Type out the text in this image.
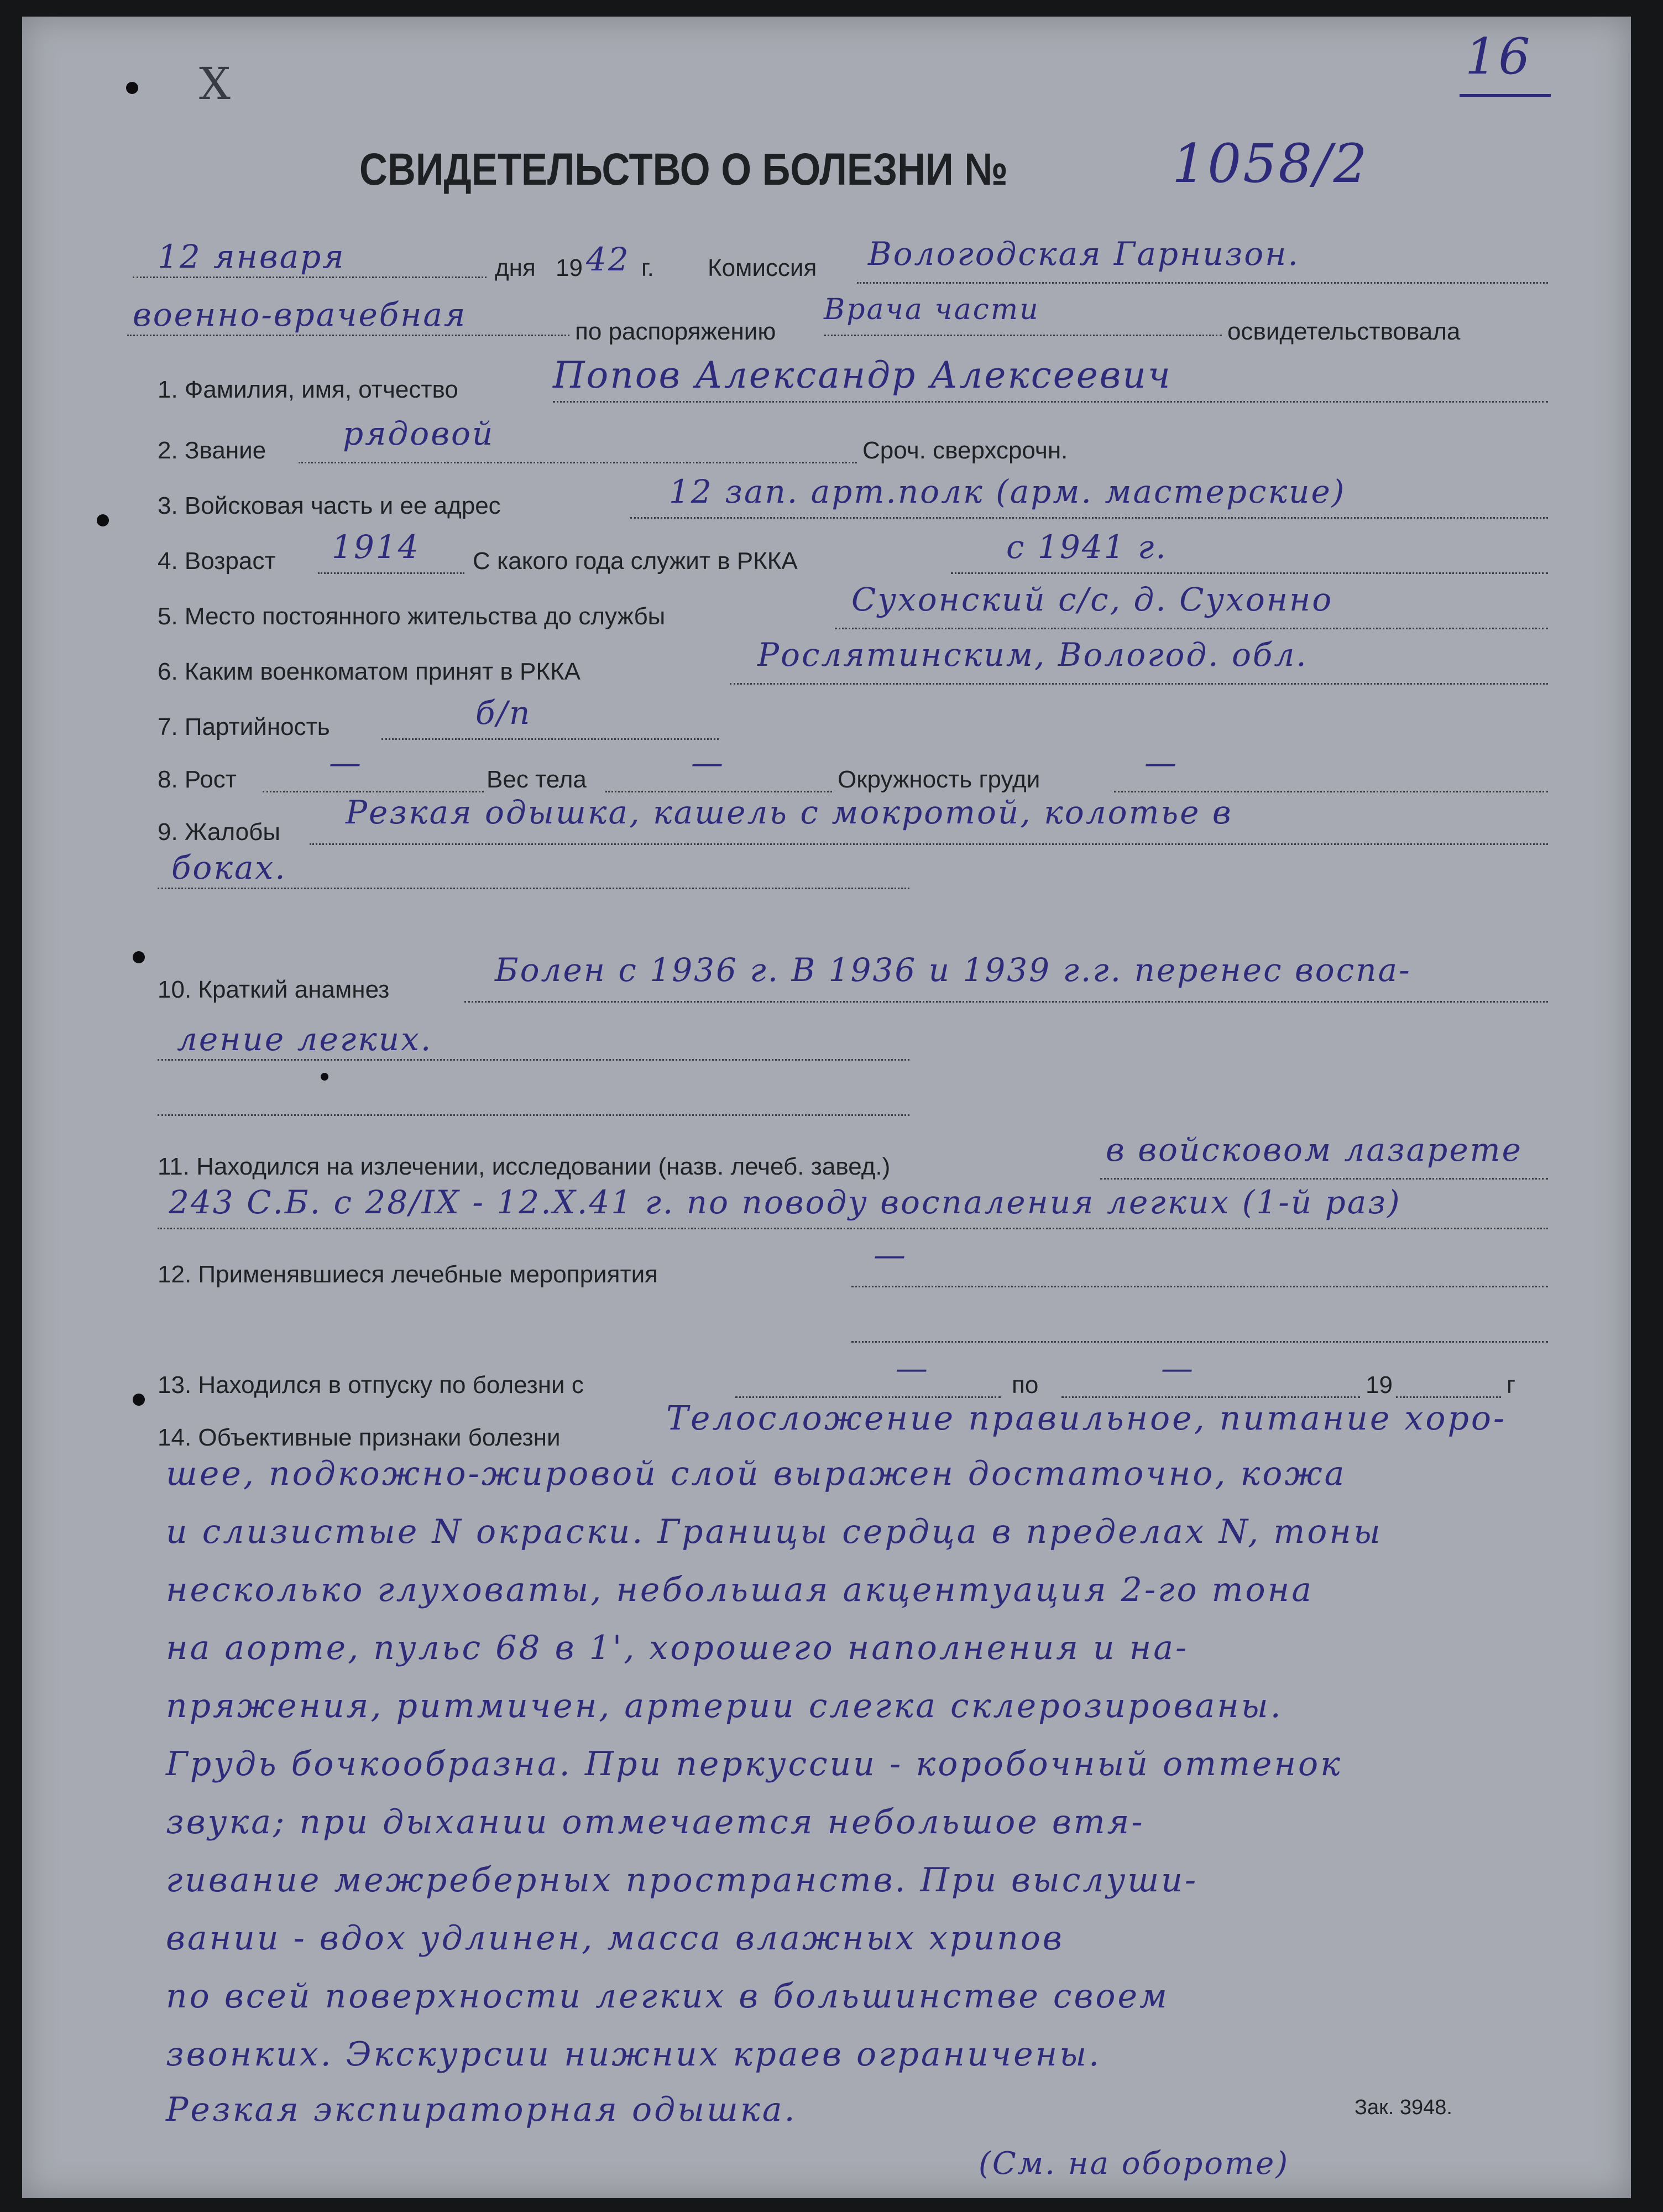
X	16
СВИДЕТЕЛЬСТВО О БОЛЕЗНИ №	1058/2
12 января	дня 19 42 г. Комиссия Вологодская Гарнизон.
военно-врачебная	по распоряжению
Врача части
освидетельствовала
1. Фамилия, имя, отчество	Попов Александр Алексеевич
2. Звание рядовой	Сроч. сверхсрочн.
3. Войсковая часть и ее адрес	12 зап. арт.полк (арм. мастерские)
4. Возраст 1914 С какого года служит в РККА	с 1941 г.
5. Место постоянного жительства до службы	Сухонский с/с, д. Сухонно
6. Каким военкоматом принят в РККА	Рослятинским, Вологод. обл.
7. Партийность	б/п
8. Рост	—	Вес тела	—	Окружность груди	—
9. Жалобы
Резкая одышка, кашель с мокротой, колотье в
боках.
10. Краткий анамнез
Болен с 1936 г. В 1936 и 1939 г.г. перенес воспа-
ление легких.
11. Находился на излечении, исследовании (назв. лечеб. завед.)	в войсковом лазарете
243 С.Б. с 28/IX - 12.X.41 г. по поводу воспаления легких (1-й раз)
12. Применявшиеся лечебные мероприятия
—
13. Находился в отпуску по болезни с	—	по	—	19	г
14. Объективные признаки болезни	Телосложение правильное, питание хоро-
шее, подкожно-жировой слой выражен достаточно, кожа
и слизистые N окраски. Границы сердца в пределах N, тоны
несколько глуховаты, небольшая акцентуация 2-го тона
на аорте, пульс 68 в 1', хорошего наполнения и на-
пряжения, ритмичен, артерии слегка склерозированы.
Грудь бочкообразна. При перкуссии - коробочный оттенок
звука; при дыхании отмечается небольшое втя-
гивание межреберных пространств. При выслуши-
вании - вдох удлинен, масса влажных хрипов
по всей поверхности легких в большинстве своем
звонких. Экскурсии нижних краев ограничены.
Резкая экспираторная одышка.	Зак. 3948.
(См. на обороте)
